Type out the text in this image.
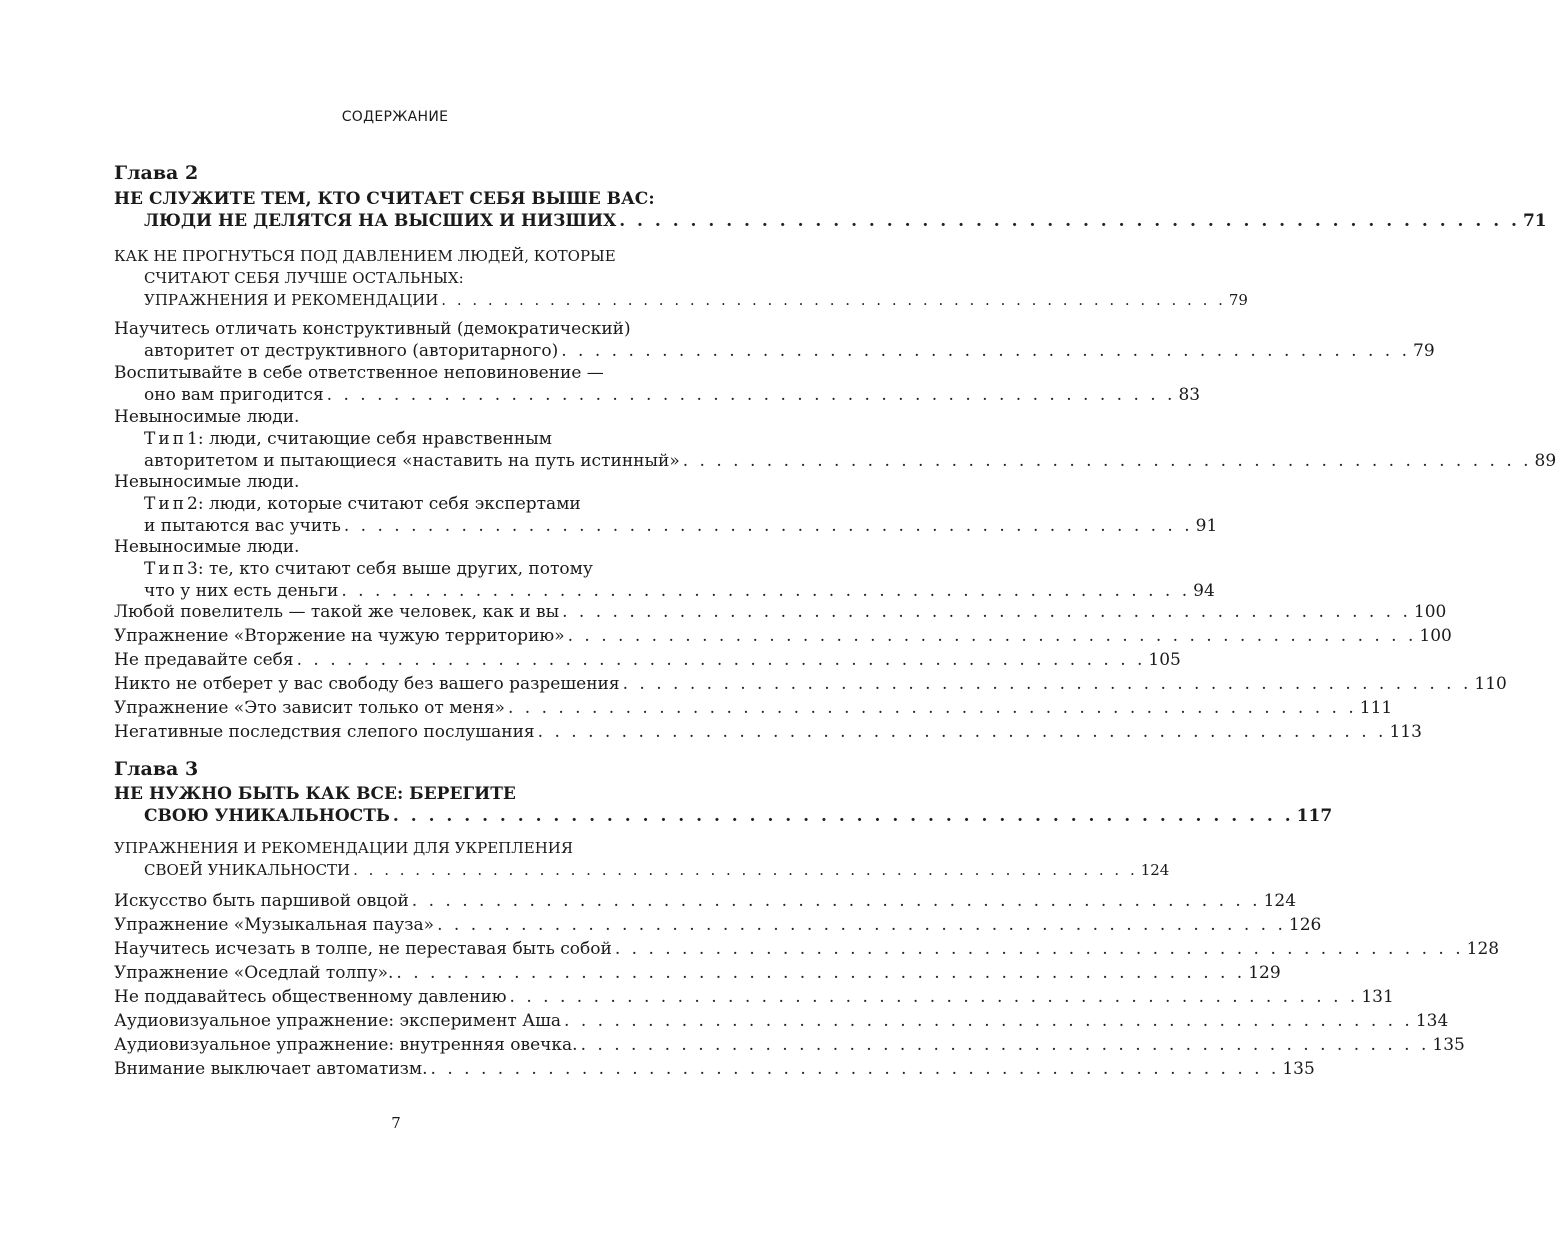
СОДЕРЖАНИЕ
Глава 2
НЕ СЛУЖИТЕ ТЕМ, КТО СЧИТАЕТ СЕБЯ ВЫШЕ ВАС:
ЛЮДИ НЕ ДЕЛЯТСЯ НА ВЫСШИХ И НИЗШИХ . . . . . . . . . . . . . . . . . . . . . . . . . . . . . . . . . . . . . . . . . . . . . . . . . . . 71
КАК НЕ ПРОГНУТЬСЯ ПОД ДАВЛЕНИЕМ ЛЮДЕЙ, КОТОРЫЕ
СЧИТАЮТ СЕБЯ ЛУЧШЕ ОСТАЛЬНЫХ:
УПРАЖНЕНИЯ И РЕКОМЕНДАЦИИ . . . . . . . . . . . . . . . . . . . . . . . . . . . . . . . . . . . . . . . . . . . . . . . . . . . 79
Научитесь отличать конструктивный (демократический)
авторитет от деструктивного (авторитарного) . . . . . . . . . . . . . . . . . . . . . . . . . . . . . . . . . . . . . . . . . . . . . . . . . . . 79
Воспитывайте в себе ответственное неповиновение —
оно вам пригодится . . . . . . . . . . . . . . . . . . . . . . . . . . . . . . . . . . . . . . . . . . . . . . . . . . . 83
Невыносимые люди.
Тип 1: люди, считающие себя нравственным
авторитетом и пытающиеся «наставить на путь истинный» . . . . . . . . . . . . . . . . . . . . . . . . . . . . . . . . . . . . . . . . . . . . . . . . . . . 89
Невыносимые люди.
Тип 2: люди, которые считают себя экспертами
и пытаются вас учить . . . . . . . . . . . . . . . . . . . . . . . . . . . . . . . . . . . . . . . . . . . . . . . . . . . 91
Невыносимые люди.
Тип 3: те, кто считают себя выше других, потому
что у них есть деньги . . . . . . . . . . . . . . . . . . . . . . . . . . . . . . . . . . . . . . . . . . . . . . . . . . . 94
Любой повелитель — такой же человек, как и вы . . . . . . . . . . . . . . . . . . . . . . . . . . . . . . . . . . . . . . . . . . . . . . . . . . . 100
Упражнение «Вторжение на чужую территорию» . . . . . . . . . . . . . . . . . . . . . . . . . . . . . . . . . . . . . . . . . . . . . . . . . . . 100
Не предавайте себя . . . . . . . . . . . . . . . . . . . . . . . . . . . . . . . . . . . . . . . . . . . . . . . . . . . 105
Никто не отберет у вас свободу без вашего разрешения . . . . . . . . . . . . . . . . . . . . . . . . . . . . . . . . . . . . . . . . . . . . . . . . . . . 110
Упражнение «Это зависит только от меня» . . . . . . . . . . . . . . . . . . . . . . . . . . . . . . . . . . . . . . . . . . . . . . . . . . . 111
Негативные последствия слепого послушания . . . . . . . . . . . . . . . . . . . . . . . . . . . . . . . . . . . . . . . . . . . . . . . . . . . 113
Глава 3
НЕ НУЖНО БЫТЬ КАК ВСЕ: БЕРЕГИТЕ
СВОЮ УНИКАЛЬНОСТЬ . . . . . . . . . . . . . . . . . . . . . . . . . . . . . . . . . . . . . . . . . . . . . . . . . . . 117
УПРАЖНЕНИЯ И РЕКОМЕНДАЦИИ ДЛЯ УКРЕПЛЕНИЯ
СВОЕЙ УНИКАЛЬНОСТИ . . . . . . . . . . . . . . . . . . . . . . . . . . . . . . . . . . . . . . . . . . . . . . . . . . . 124
Искусство быть паршивой овцой . . . . . . . . . . . . . . . . . . . . . . . . . . . . . . . . . . . . . . . . . . . . . . . . . . . 124
Упражнение «Музыкальная пауза» . . . . . . . . . . . . . . . . . . . . . . . . . . . . . . . . . . . . . . . . . . . . . . . . . . . 126
Научитесь исчезать в толпе, не переставая быть собой . . . . . . . . . . . . . . . . . . . . . . . . . . . . . . . . . . . . . . . . . . . . . . . . . . . 128
Упражнение «Оседлай толпу». . . . . . . . . . . . . . . . . . . . . . . . . . . . . . . . . . . . . . . . . . . . . . . . . . . . 129
Не поддавайтесь общественному давлению . . . . . . . . . . . . . . . . . . . . . . . . . . . . . . . . . . . . . . . . . . . . . . . . . . . 131
Аудиовизуальное упражнение: эксперимент Аша . . . . . . . . . . . . . . . . . . . . . . . . . . . . . . . . . . . . . . . . . . . . . . . . . . . 134
Аудиовизуальное упражнение: внутренняя овечка. . . . . . . . . . . . . . . . . . . . . . . . . . . . . . . . . . . . . . . . . . . . . . . . . . . . 135
Внимание выключает автоматизм. . . . . . . . . . . . . . . . . . . . . . . . . . . . . . . . . . . . . . . . . . . . . . . . . . . . 135
7
